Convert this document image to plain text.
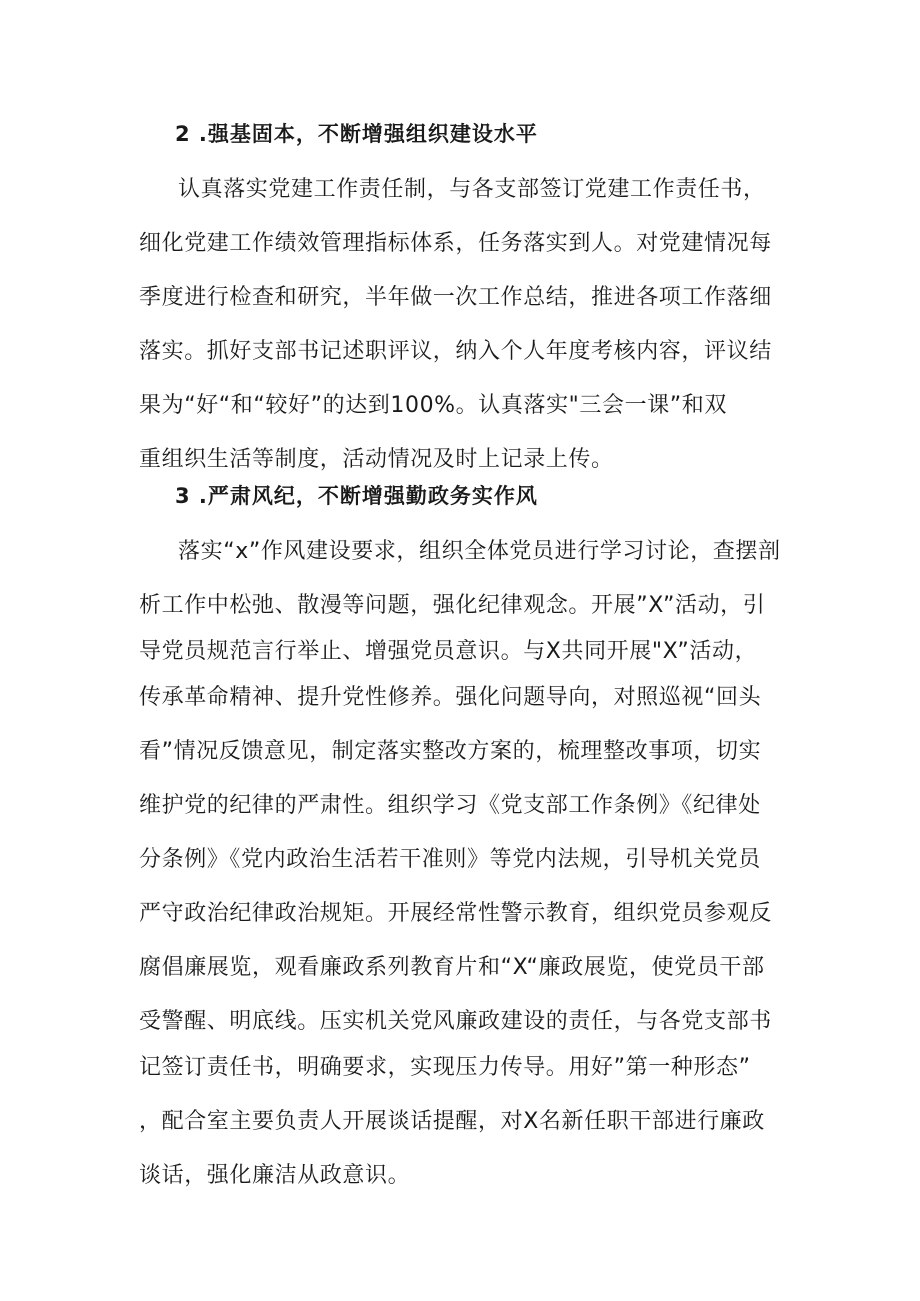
2 .强基固本，不断增强组织建设水平
认真落实党建工作责任制，与各支部签订党建工作责任书，
细化党建工作绩效管理指标体系，任务落实到人。对党建情况每
季度进行检查和研究，半年做一次工作总结，推进各项工作落细
落实。抓好支部书记述职评议，纳入个人年度考核内容，评议结
果为“好“和“较好”的达到100%。认真落实"三会一课”和双
重组织生活等制度，活动情况及时上记录上传。
3 .严肃风纪，不断增强勤政务实作风
落实“x”作风建设要求，组织全体党员进行学习讨论，查摆剖
析工作中松弛、散漫等问题，强化纪律观念。开展”X”活动，引
导党员规范言行举止、增强党员意识。与X共同开展"X”活动，
传承革命精神、提升党性修养。强化问题导向，对照巡视“回头
看”情况反馈意见，制定落实整改方案的，梳理整改事项，切实
维护党的纪律的严肃性。组织学习《党支部工作条例》《纪律处
分条例》《党内政治生活若干准则》等党内法规，引导机关党员
严守政治纪律政治规矩。开展经常性警示教育，组织党员参观反
腐倡廉展览，观看廉政系列教育片和“X“廉政展览，使党员干部
受警醒、明底线。压实机关党风廉政建设的责任，与各党支部书
记签订责任书，明确要求，实现压力传导。用好”第一种形态”
，配合室主要负责人开展谈话提醒，对X名新任职干部进行廉政
谈话，强化廉洁从政意识。
